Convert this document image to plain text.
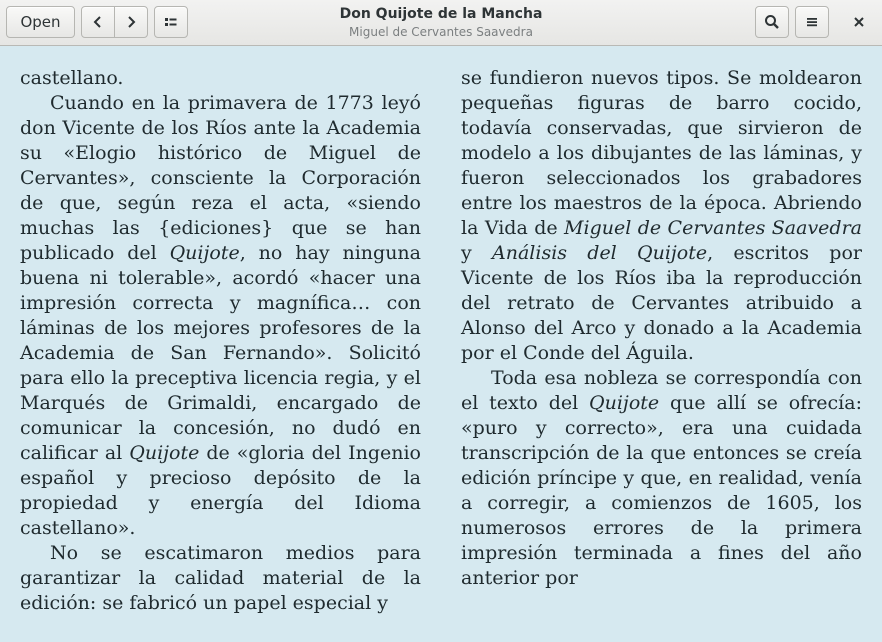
Open	Don Quijote de la Mancha
Miguel de Cervantes Saavedra

castellano.

Cuando en la primavera de 1773 leyó don Vicente de los Ríos ante la Academia su «Elogio histórico de Miguel de Cervantes», consciente la Corporación de que, según reza el acta, «siendo muchas las {ediciones} que se han publicado del Quijote, no hay ninguna buena ni tolerable», acordó «hacer una impresión correcta y magnífica… con láminas de los mejores profesores de la Academia de San Fernando». Solicitó para ello la preceptiva licencia regia, y el Marqués de Grimaldi, encargado de comunicar la concesión, no dudó en calificar al Quijote de «gloria del Ingenio español y precioso depósito de la propiedad y energía del Idioma castellano».

No se escatimaron medios para garantizar la calidad material de la edición: se fabricó un papel especial y

se fundieron nuevos tipos. Se moldearon pequeñas figuras de barro cocido, todavía conservadas, que sirvieron de modelo a los dibujantes de las láminas, y fueron seleccionados los grabadores entre los maestros de la época. Abriendo la Vida de Miguel de Cervantes Saavedra y Análisis del Quijote, escritos por Vicente de los Ríos iba la reproducción del retrato de Cervantes atribuido a Alonso del Arco y donado a la Academia por el Conde del Águila.

Toda esa nobleza se correspondía con el texto del Quijote que allí se ofrecía: «puro y correcto», era una cuidada transcripción de la que entonces se creía edición príncipe y que, en realidad, venía a corregir, a comienzos de 1605, los numerosos errores de la primera impresión terminada a fines del año anterior por
